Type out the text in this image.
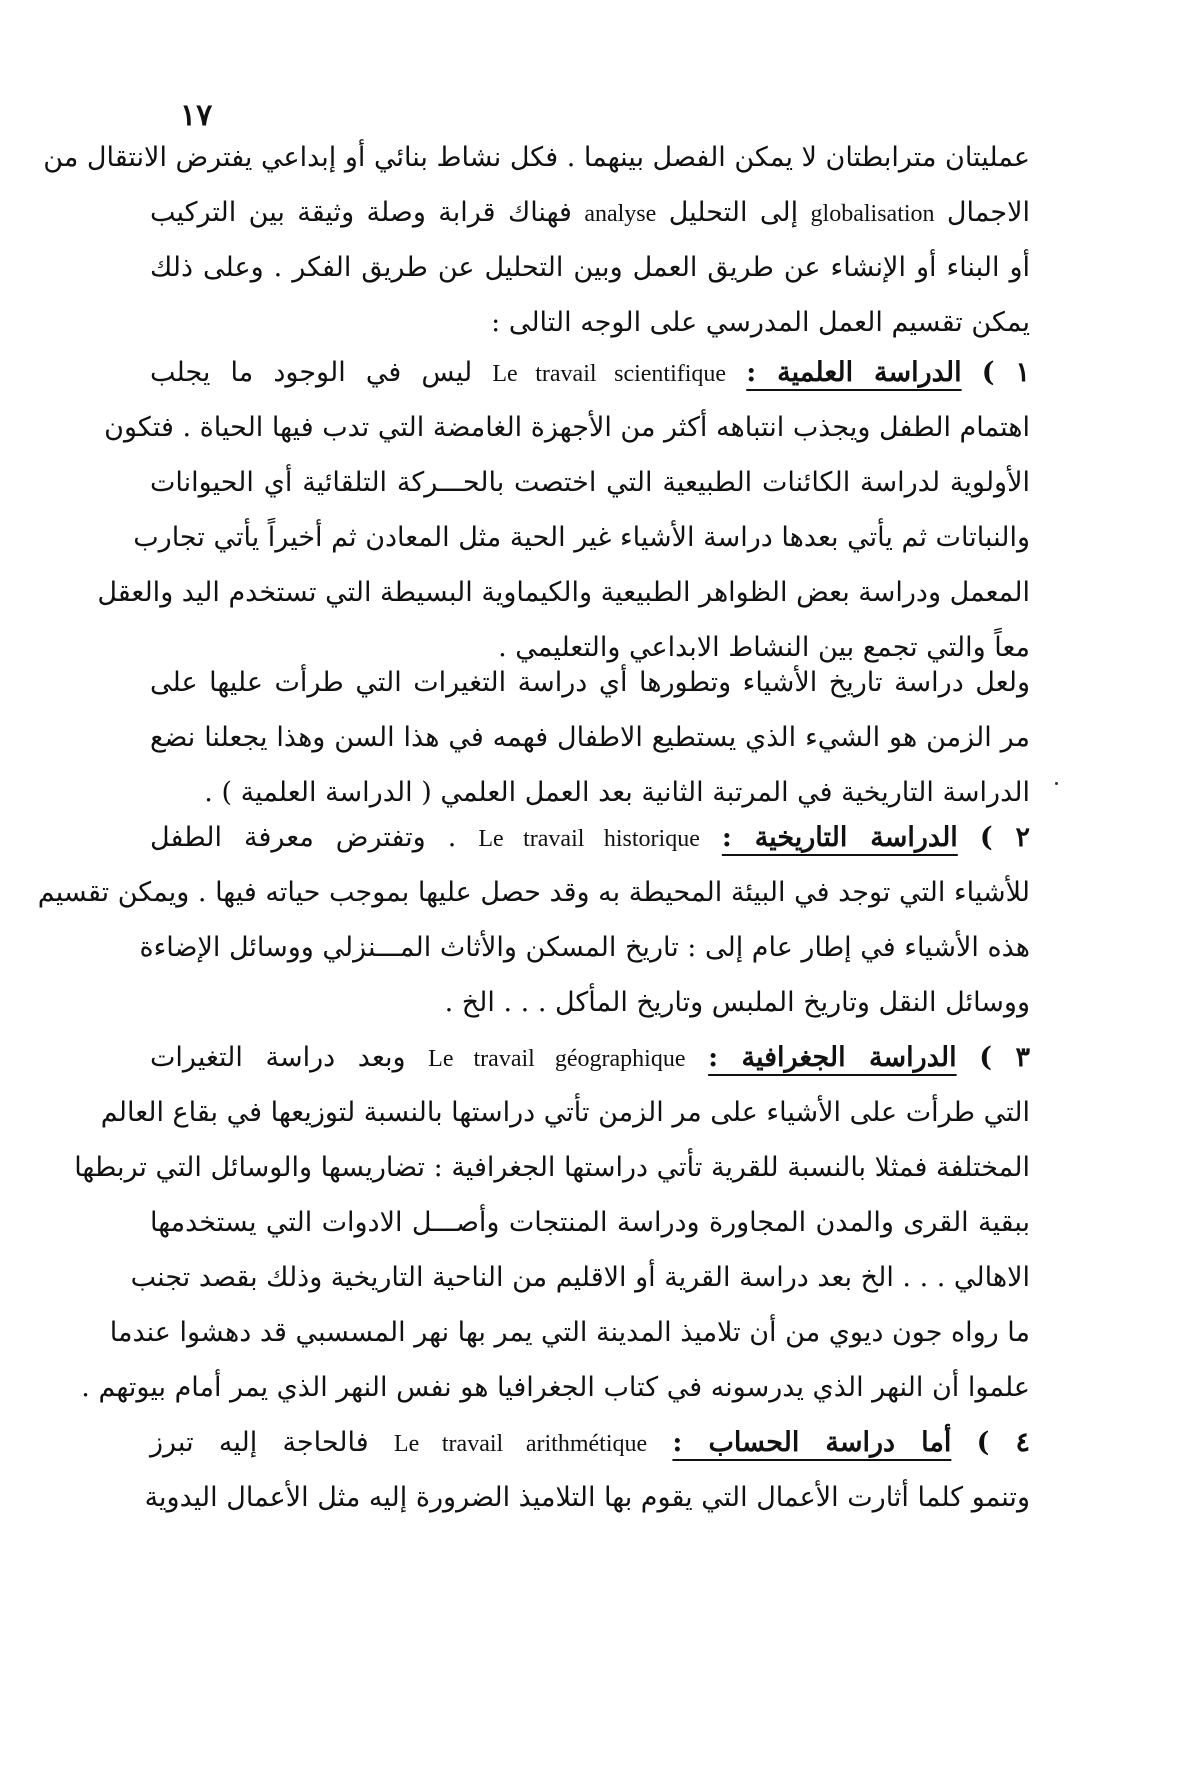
١٧
عمليتان مترابطتان لا يمكن الفصل بينهما . فكل نشاط بنائي أو إبداعي يفترض الانتقال من
الاجمال globalisation إلى التحليل analyse فهناك قرابة وصلة وثيقة بين التركيب
أو البناء أو الإنشاء عن طريق العمل وبين التحليل عن طريق الفكر . وعلى ذلك
يمكن تقسيم العمل المدرسي على الوجه التالى :
١ ) الدراسة العلمية : Le travail scientifique ليس في الوجود ما يجلب
اهتمام الطفل ويجذب انتباهه أكثر من الأجهزة الغامضة التي تدب فيها الحياة . فتكون
الأولوية لدراسة الكائنات الطبيعية التي اختصت بالحـــركة التلقائية أي الحيوانات
والنباتات ثم يأتي بعدها دراسة الأشياء غير الحية مثل المعادن ثم أخيراً يأتي تجارب
المعمل ودراسة بعض الظواهر الطبيعية والكيماوية البسيطة التي تستخدم اليد والعقل
معاً والتي تجمع بين النشاط الابداعي والتعليمي .
ولعل دراسة تاريخ الأشياء وتطورها أي دراسة التغيرات التي طرأت عليها على
مر الزمن هو الشيء الذي يستطيع الاطفال فهمه في هذا السن وهذا يجعلنا نضع
الدراسة التاريخية في المرتبة الثانية بعد العمل العلمي ( الدراسة العلمية ) .
٢ ) الدراسة التاريخية : Le travail historique . وتفترض معرفة الطفل
للأشياء التي توجد في البيئة المحيطة به وقد حصل عليها بموجب حياته فيها . ويمكن تقسيم
هذه الأشياء في إطار عام إلى : تاريخ المسكن والأثاث المـــنزلي ووسائل الإضاءة
ووسائل النقل وتاريخ الملبس وتاريخ المأكل . . . الخ .
٣ ) الدراسة الجغرافية : Le travail géographique وبعد دراسة التغيرات
التي طرأت على الأشياء على مر الزمن تأتي دراستها بالنسبة لتوزيعها في بقاع العالم
المختلفة فمثلا بالنسبة للقرية تأتي دراستها الجغرافية : تضاريسها والوسائل التي تربطها
ببقية القرى والمدن المجاورة ودراسة المنتجات وأصـــل الادوات التي يستخدمها
الاهالي . . . الخ بعد دراسة القرية أو الاقليم من الناحية التاريخية وذلك بقصد تجنب
ما رواه جون ديوي من أن تلاميذ المدينة التي يمر بها نهر المسسبي قد دهشوا عندما
علموا أن النهر الذي يدرسونه في كتاب الجغرافيا هو نفس النهر الذي يمر أمام بيوتهم .
٤ ) أما دراسة الحساب : Le travail arithmétique فالحاجة إليه تبرز
وتنمو كلما أثارت الأعمال التي يقوم بها التلاميذ الضرورة إليه مثل الأعمال اليدوية
